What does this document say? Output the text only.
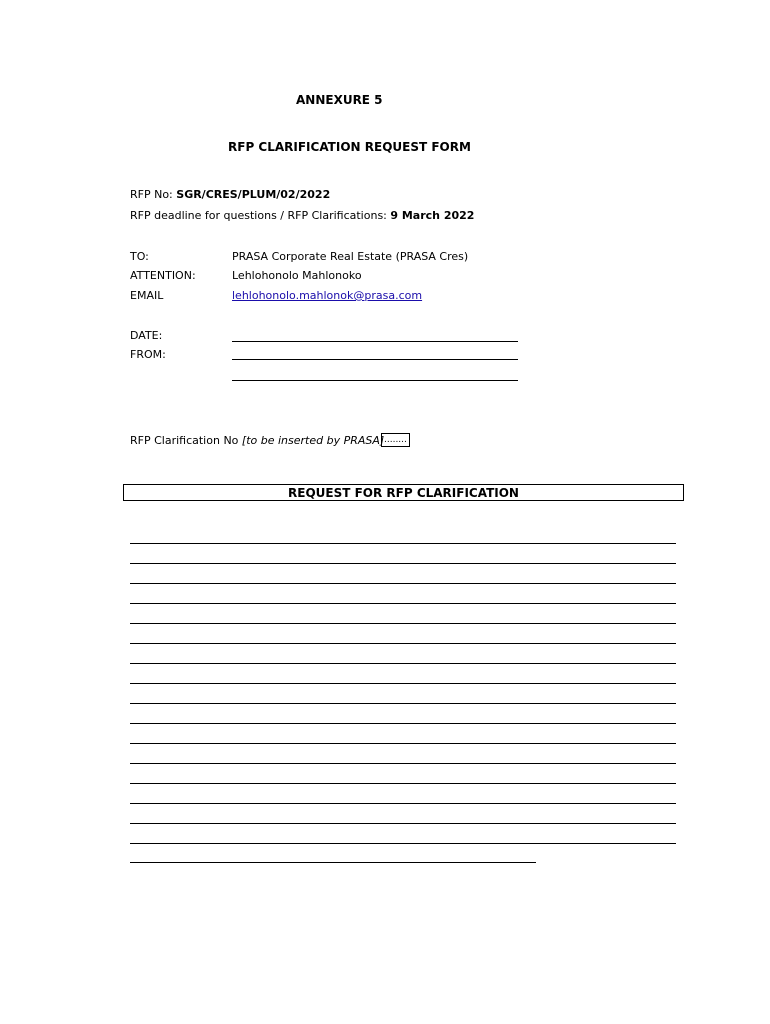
ANNEXURE 5
RFP CLARIFICATION REQUEST FORM
RFP No: SGR/CRES/PLUM/02/2022
RFP deadline for questions / RFP Clarifications: 9 March 2022
TO:	PRASA Corporate Real Estate (PRASA Cres)
ATTENTION:	Lehlohonolo Mahlonoko
EMAIL	lehlohonolo.mahlonok@prasa.com
DATE:
FROM:
RFP Clarification No [to be inserted by PRASA] ........
REQUEST FOR RFP CLARIFICATION
